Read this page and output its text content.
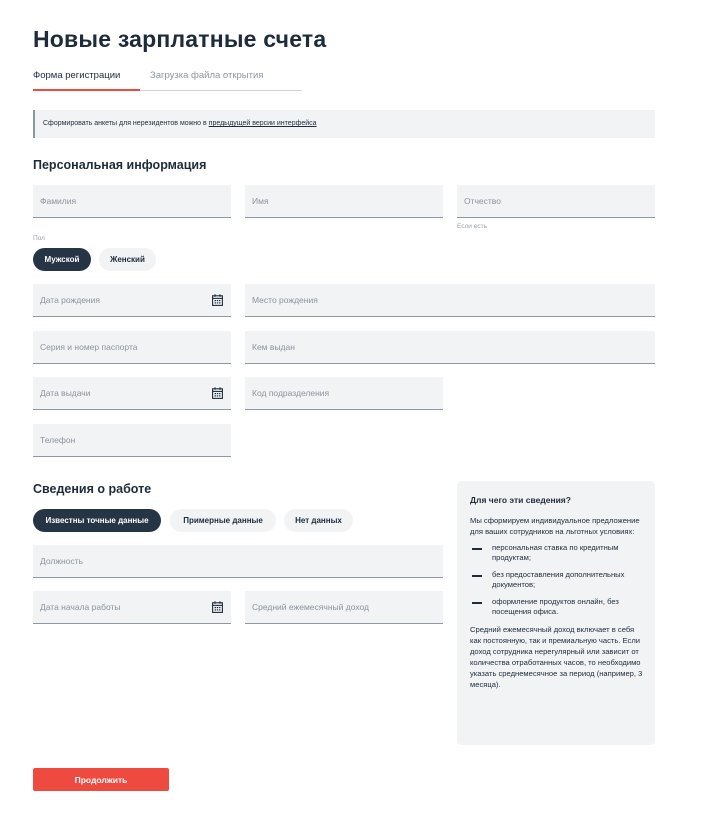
Новые зарплатные счета
Форма регистрации	Загрузка файла открытия
Сформировать анкеты для нерезидентов можно в предыдущей версии интерфейса
Персональная информация
Фамилия
Имя
Отчество
Если есть
Пол
Мужской	Женский
Дата рождения
Место рождения
Серия и номер паспорта
Кем выдан
Дата выдачи
Код подразделения
Телефон
Сведения о работе
Известны точные данные	Примерные данные	Нет данных
Должность
Дата начала работы
Средний ежемесячный доход
Для чего эти сведения?
Мы сформируем индивидуальное предложение для ваших сотрудников на льготных условиях:
персональная ставка по кредитным продуктам;
без предоставления дополнительных документов;
оформление продуктов онлайн, без посещения офиса.
Средний ежемесячный доход включает в себя как постоянную, так и премиальную часть. Если доход сотрудника нерегулярный или зависит от количества отработанных часов, то необходимо указать среднемесячное за период (например, 3 месяца).
Продолжить
